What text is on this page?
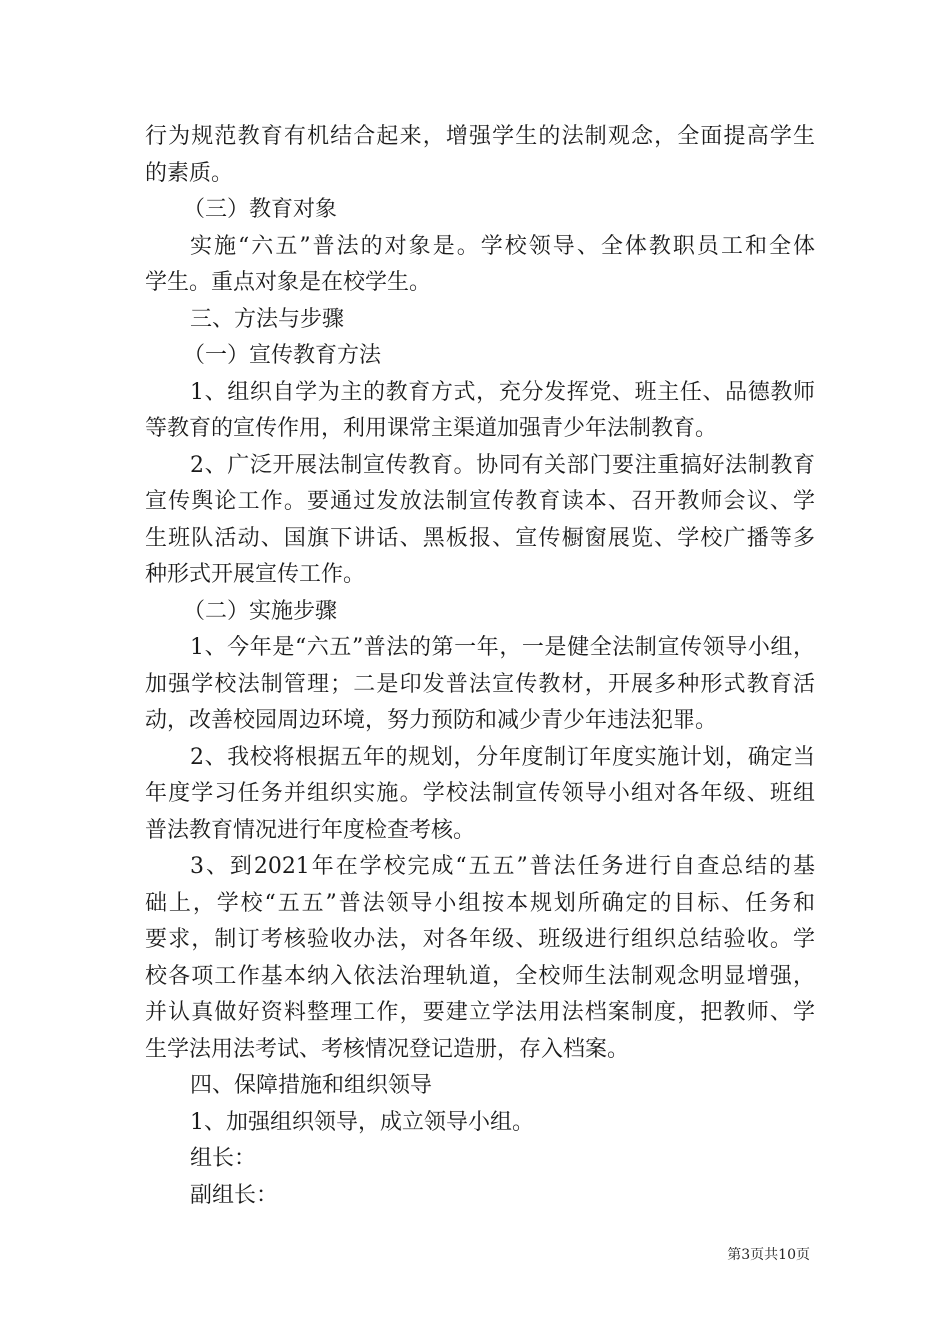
行为规范教育有机结合起来，增强学生的法制观念，全面提高学生
的素质。
（三）教育对象
实施“六五”普法的对象是。学校领导、全体教职员工和全体
学生。重点对象是在校学生。
三、方法与步骤
（一）宣传教育方法
1、组织自学为主的教育方式，充分发挥党、班主任、品德教师
等教育的宣传作用，利用课常主渠道加强青少年法制教育。
2、广泛开展法制宣传教育。协同有关部门要注重搞好法制教育
宣传舆论工作。要通过发放法制宣传教育读本、召开教师会议、学
生班队活动、国旗下讲话、黑板报、宣传橱窗展览、学校广播等多
种形式开展宣传工作。
（二）实施步骤
1、今年是“六五”普法的第一年，一是健全法制宣传领导小组，
加强学校法制管理；二是印发普法宣传教材，开展多种形式教育活
动，改善校园周边环境，努力预防和减少青少年违法犯罪。
2、我校将根据五年的规划，分年度制订年度实施计划，确定当
年度学习任务并组织实施。学校法制宣传领导小组对各年级、班组
普法教育情况进行年度检查考核。
3、到2021年在学校完成“五五”普法任务进行自查总结的基
础上，学校“五五”普法领导小组按本规划所确定的目标、任务和
要求，制订考核验收办法，对各年级、班级进行组织总结验收。学
校各项工作基本纳入依法治理轨道，全校师生法制观念明显增强，
并认真做好资料整理工作，要建立学法用法档案制度，把教师、学
生学法用法考试、考核情况登记造册，存入档案。
四、保障措施和组织领导
1、加强组织领导，成立领导小组。
组长：
副组长：
第3页共10页
